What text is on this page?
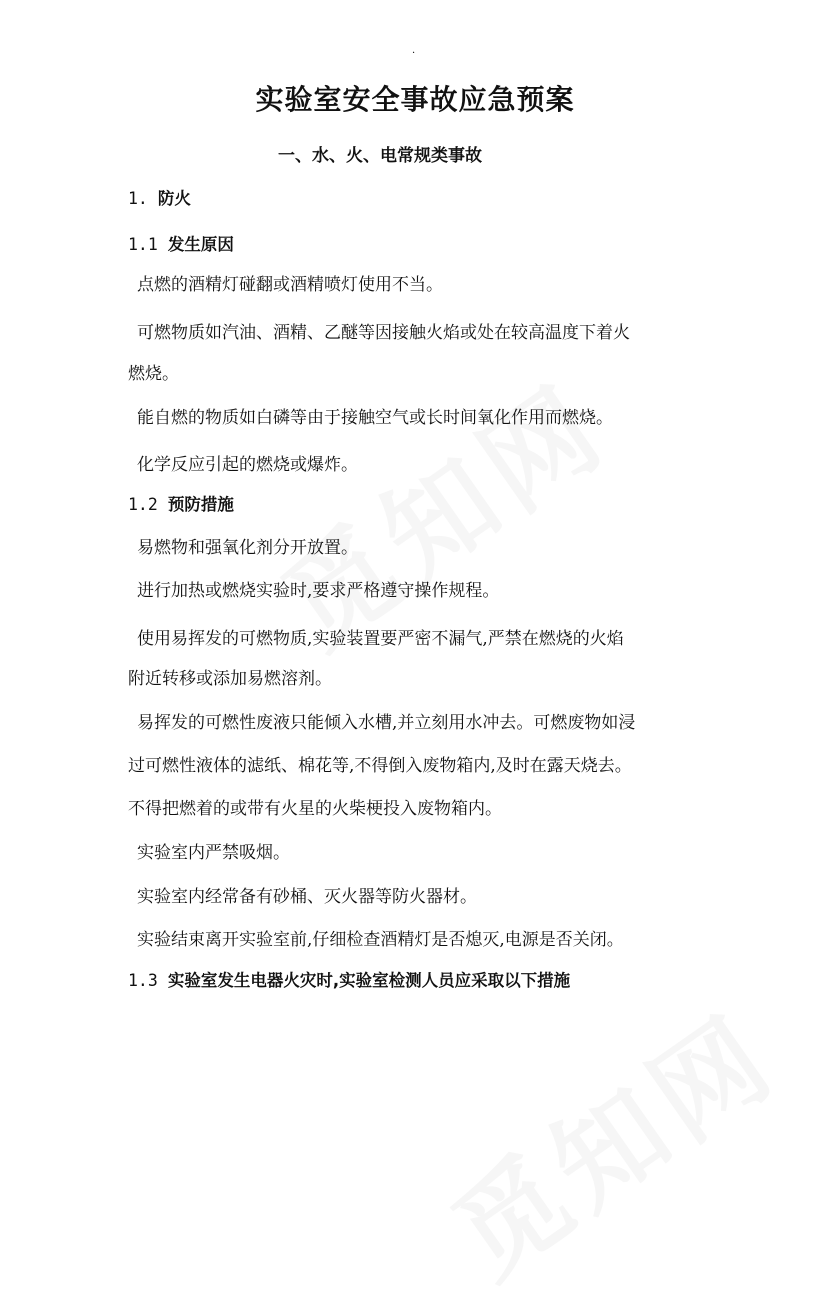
·
实验室安全事故应急预案
一、水、火、电常规类事故
1. 防火
1.1 发生原因
点燃的酒精灯碰翻或酒精喷灯使用不当。
可燃物质如汽油、酒精、乙醚等因接触火焰或处在较高温度下着火
燃烧。
能自燃的物质如白磷等由于接触空气或长时间氧化作用而燃烧。
化学反应引起的燃烧或爆炸。
1.2 预防措施
易燃物和强氧化剂分开放置。
进行加热或燃烧实验时,要求严格遵守操作规程。
使用易挥发的可燃物质,实验装置要严密不漏气,严禁在燃烧的火焰
附近转移或添加易燃溶剂。
易挥发的可燃性废液只能倾入水槽,并立刻用水冲去。可燃废物如浸
过可燃性液体的滤纸、棉花等,不得倒入废物箱内,及时在露天烧去。
不得把燃着的或带有火星的火柴梗投入废物箱内。
实验室内严禁吸烟。
实验室内经常备有砂桶、灭火器等防火器材。
实验结束离开实验室前,仔细检查酒精灯是否熄灭,电源是否关闭。
1.3 实验室发生电器火灾时,实验室检测人员应采取以下措施
